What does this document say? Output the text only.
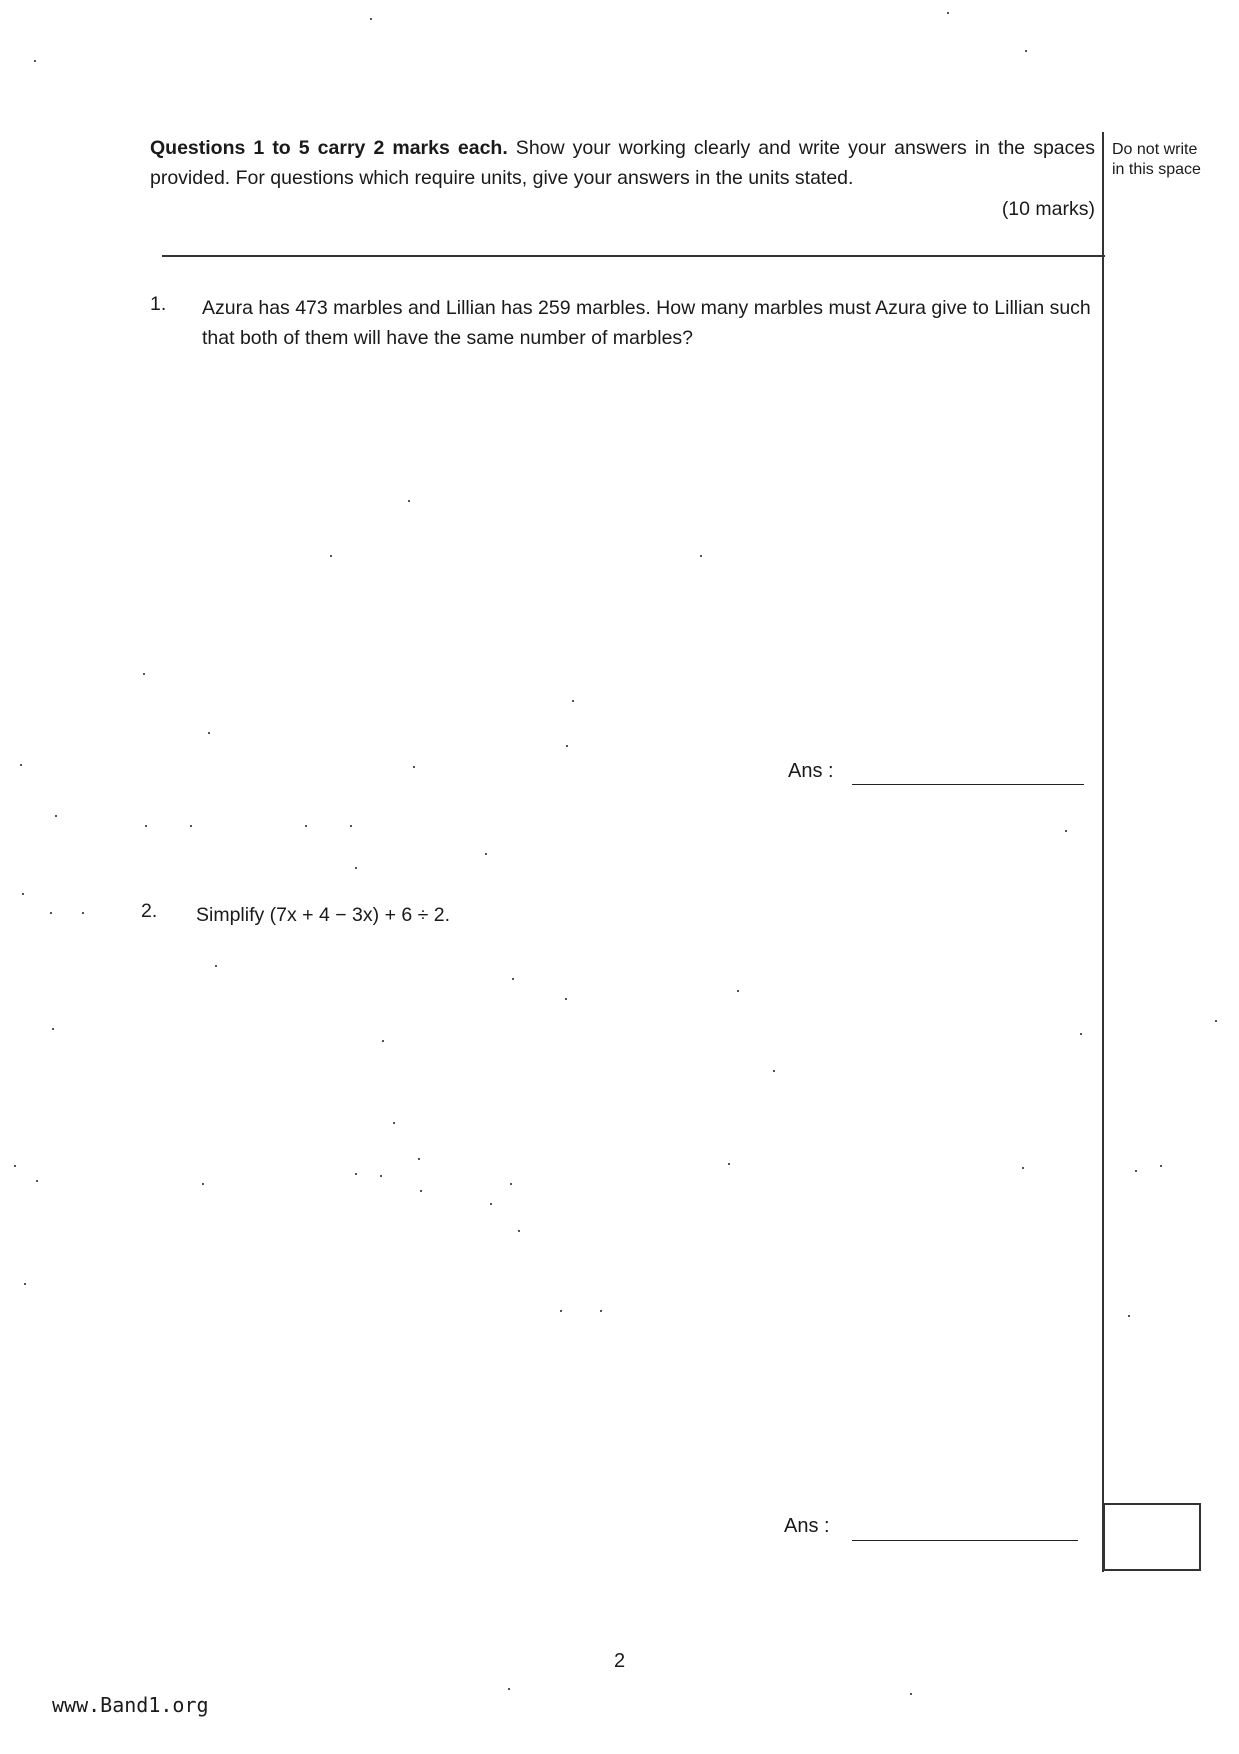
Questions 1 to 5 carry 2 marks each. Show your working clearly and write your answers in the spaces provided. For questions which require units, give your answers in the units stated.
(10 marks)
Do not write in this space
1. Azura has 473 marbles and Lillian has 259 marbles. How many marbles must Azura give to Lillian such that both of them will have the same number of marbles?
Ans :
2. Simplify (7x + 4 − 3x) + 6 ÷ 2.
Ans :
2
www.Band1.org
